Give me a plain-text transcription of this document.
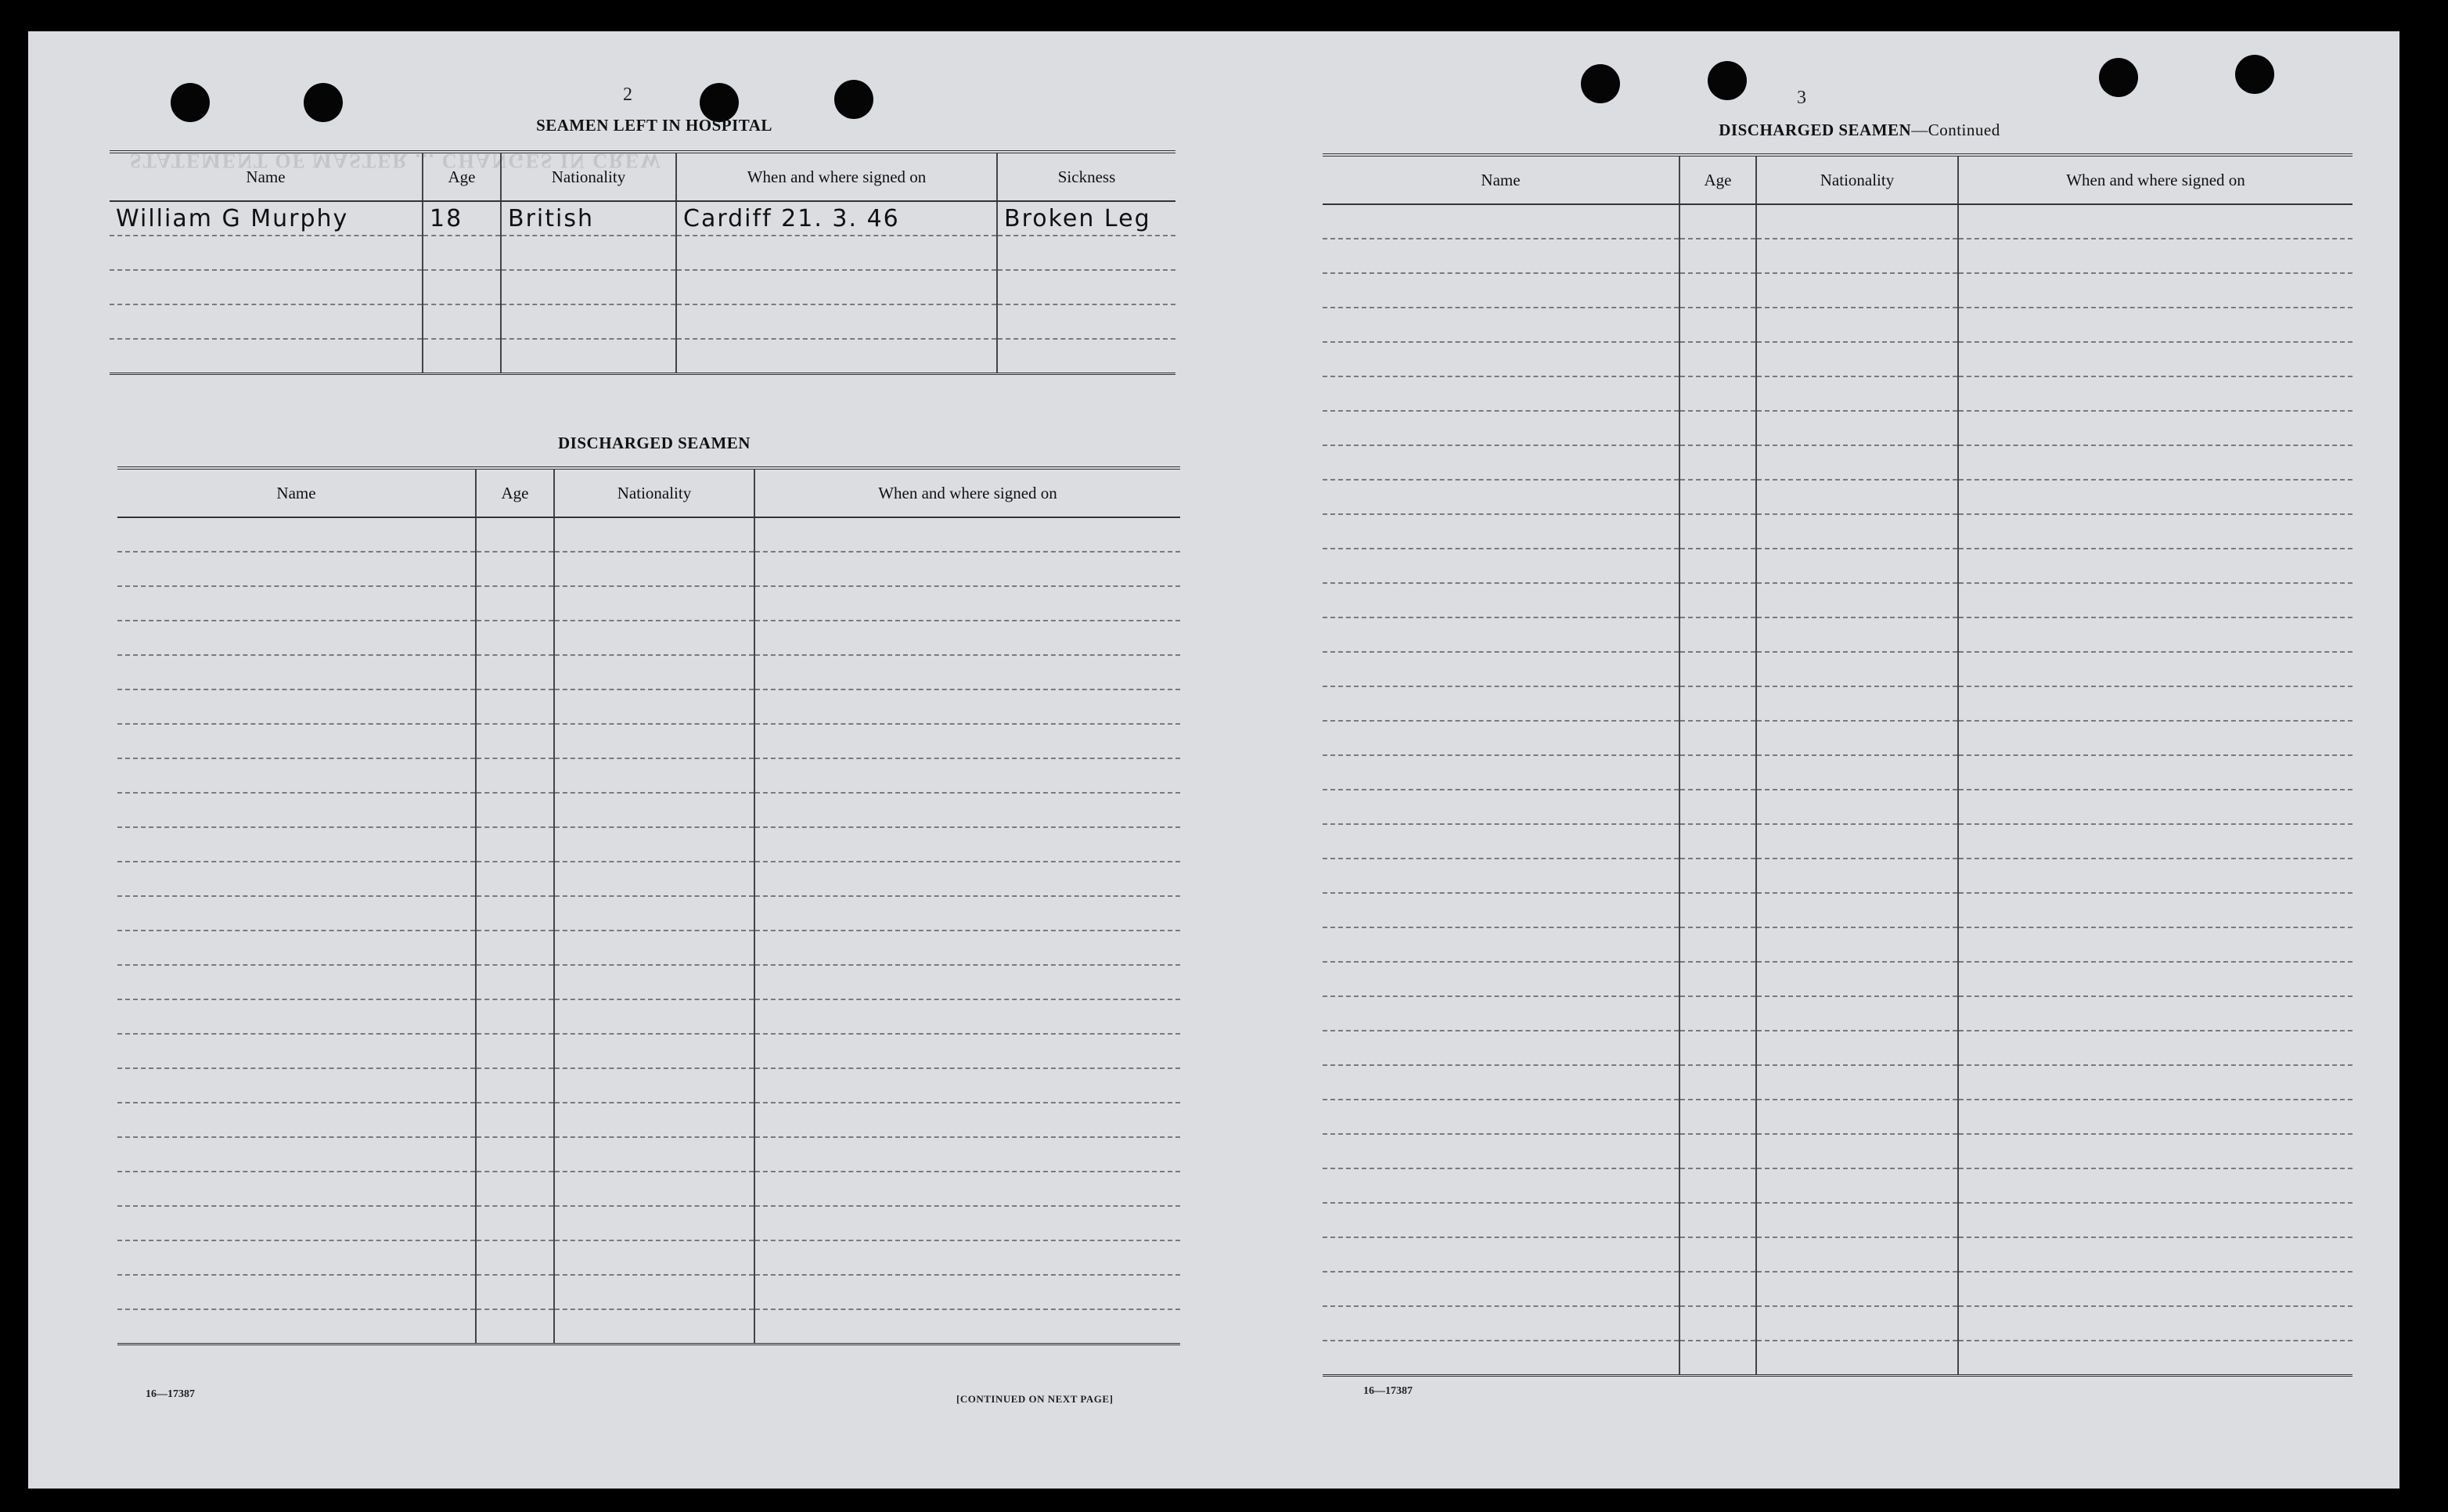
STATEMENT OF MASTER ... CHANGES IN CREW
2
SEAMEN LEFT IN HOSPITAL
Name	Age	Nationality	When and where signed on	Sickness
William G Murphy	18	British	Cardiff 21. 3. 46	Broken Leg

DISCHARGED SEAMEN
Name	Age	Nationality	When and where signed on

16—17387	[CONTINUED ON NEXT PAGE]
3
DISCHARGED SEAMEN—Continued
Name	Age	Nationality	When and where signed on

16—17387
